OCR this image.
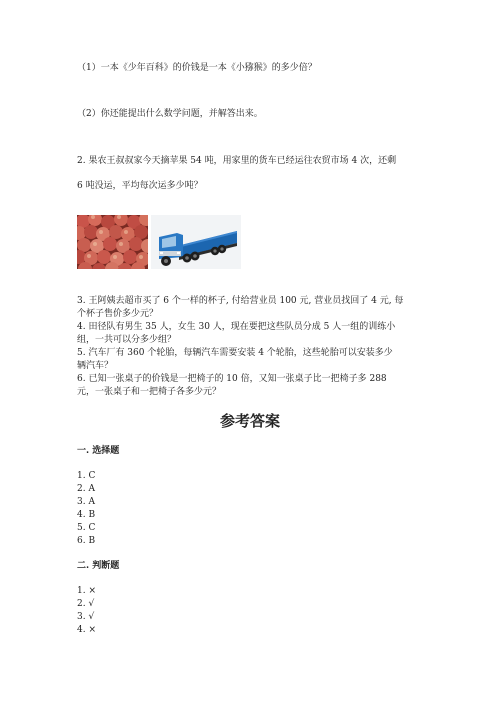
（1）一本《少年百科》的价钱是一本《小猕猴》的多少倍？
（2）你还能提出什么数学问题，并解答出来。
2. 果农王叔叔家今天摘苹果 54 吨，用家里的货车已经运往农贸市场 4 次，还剩
6 吨没运，平均每次运多少吨？
3. 王阿姨去超市买了 6 个一样的杯子, 付给营业员 100 元, 营业员找回了 4 元, 每
个杯子售价多少元？
4. 田径队有男生 35 人，女生 30 人，现在要把这些队员分成 5 人一组的训练小
组，一共可以分多少组？
5. 汽车厂有 360 个轮胎，每辆汽车需要安装 4 个轮胎，这些轮胎可以安装多少
辆汽车？
6. 已知一张桌子的价钱是一把椅子的 10 倍，又知一张桌子比一把椅子多 288
元，一张桌子和一把椅子各多少元？
参考答案
一. 选择题
1. C
2. A
3. A
4. B
5. C
6. B
二. 判断题
1. ×
2. √
3. √
4. ×
